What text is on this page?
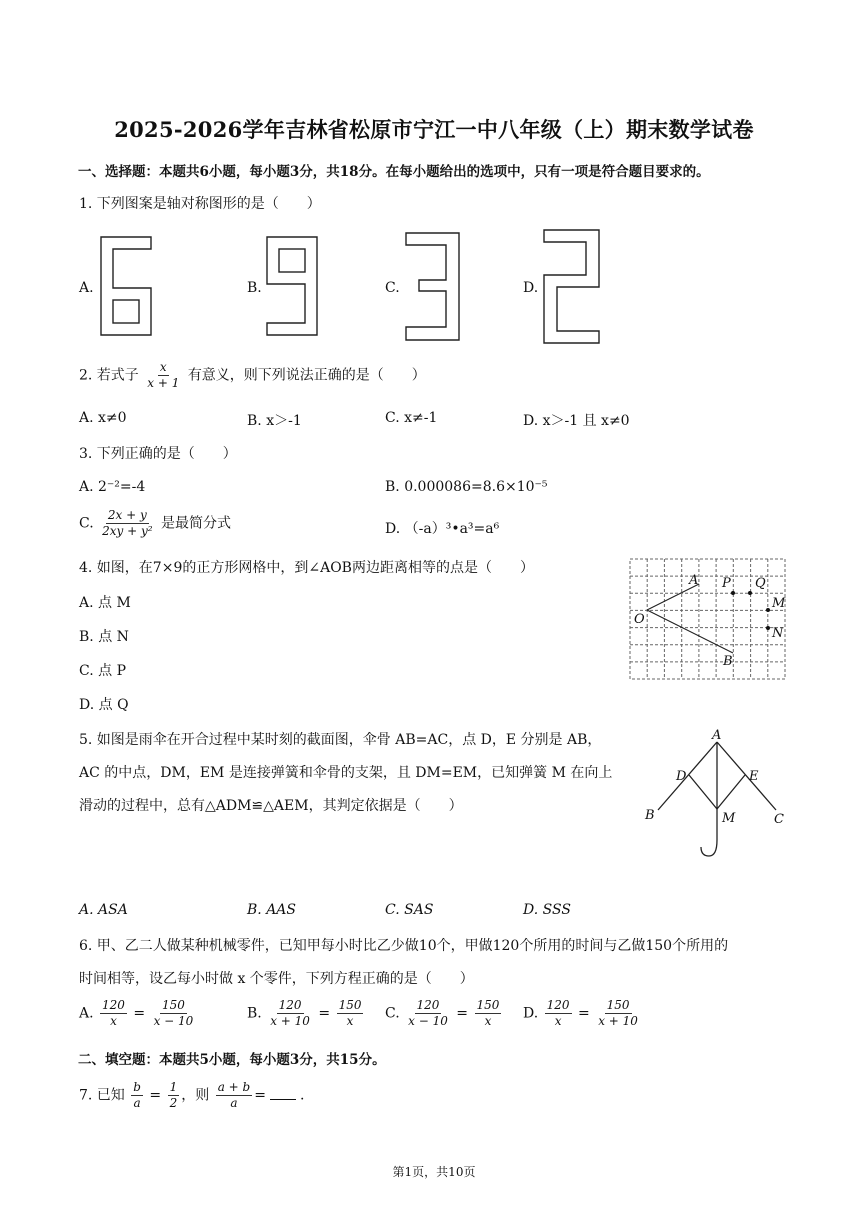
2025-2026学年吉林省松原市宁江一中八年级（上）期末数学试卷
一、选择题：本题共6小题，每小题3分，共18分。在每小题给出的选项中，只有一项是符合题目要求的。
1. 下列图案是轴对称图形的是（　　）
A.	B.	C.	D.
2. 若式子 $\frac{x}{x + 1}$ 有意义，则下列说法正确的是（　　）
A. x≠0	B. x＞-1	C. x≠-1	D. x＞-1 且 x≠0
3. 下列正确的是（　　）
A. 2⁻²=-4	B. 0.000086=8.6×10⁻⁵
C. $\frac{2x + y}{\text{2xy + y²}}$ 是最简分式	D. （-a）³•a³=a⁶
4. 如图，在7×9的正方形网格中，到∠AOB两边距离相等的点是（　　）
A. 点 M
B. 点 N
C. 点 P
D. 点 Q
O
A
B
P Q
M
N
5. 如图是雨伞在开合过程中某时刻的截面图，伞骨 AB=AC，点 D，E 分别是 AB，
AC 的中点，DM，EM 是连接弹簧和伞骨的支架，且 DM=EM，已知弹簧 M 在向上
滑动的过程中，总有△ADM≌△AEM，其判定依据是（　　）
A
D	E
B	C
M
A. ASA	B. AAS	C. SAS	D. SSS
6. 甲、乙二人做某种机械零件，已知甲每小时比乙少做10个，甲做120个所用的时间与乙做150个所用的
时间相等，设乙每小时做 x 个零件，下列方程正确的是（　　）
A. $\frac{120}{x} = \frac{150}{x - 10}$	B. $\frac{120}{x + 10} = \frac{150}{x} C$. $\frac{120}{x - 10} = \frac{150}{x} D$. $\frac{120}{x} = \frac{150}{x + 10}$
二、填空题：本题共5小题，每小题3分，共15分。
7. 已知 $\frac{b}{a} = \frac{1}{2}$ ，则 $\frac{a + b}{a}$ = .
第1页，共10页
